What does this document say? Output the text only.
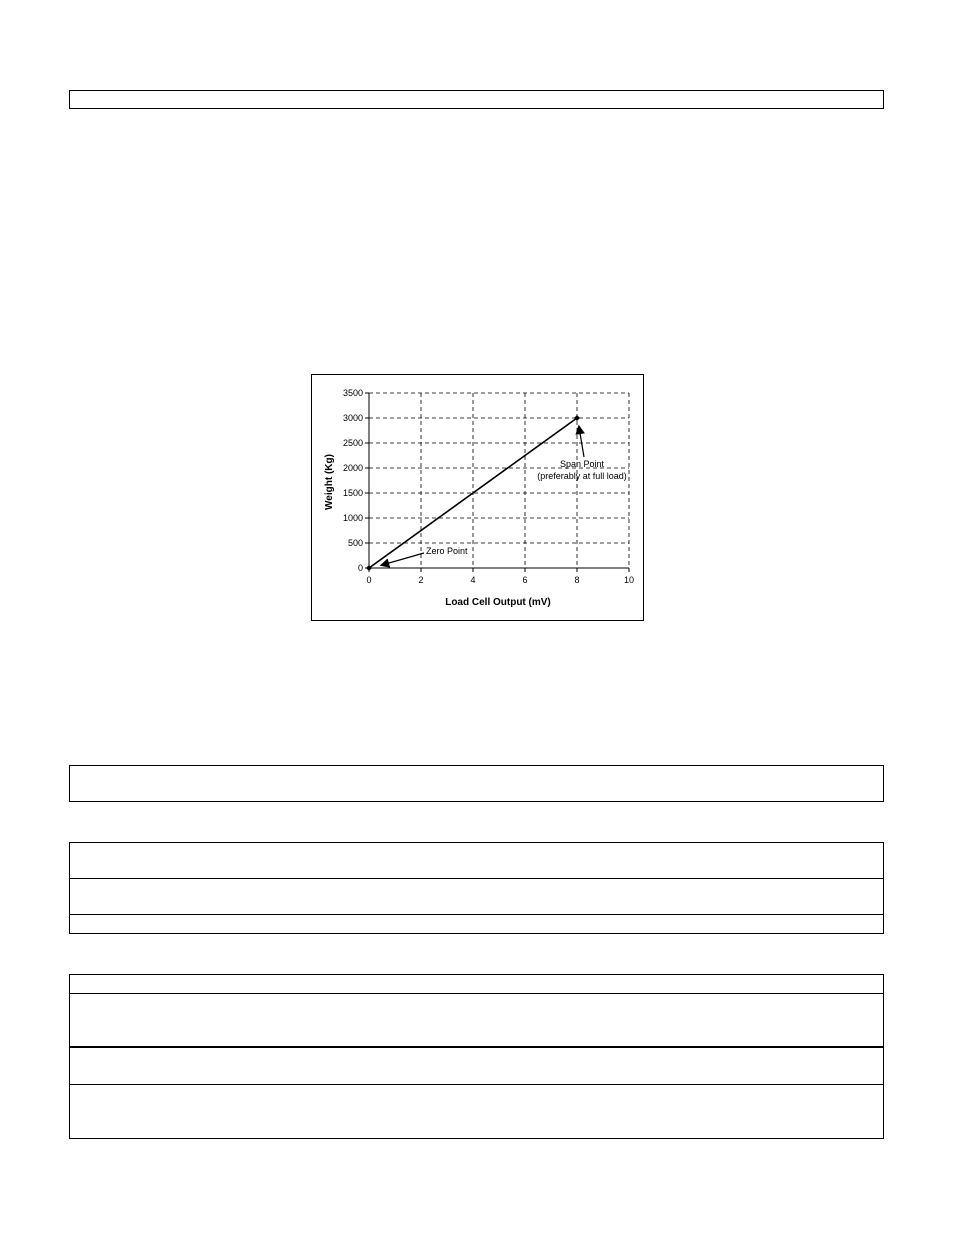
0	2	4	6	8	10
0
500
1000
1500
2000
2500
3000
3500
Load Cell Output (mV)
Weight (Kg)
Zero Point
Span Point
(preferably at full load)
